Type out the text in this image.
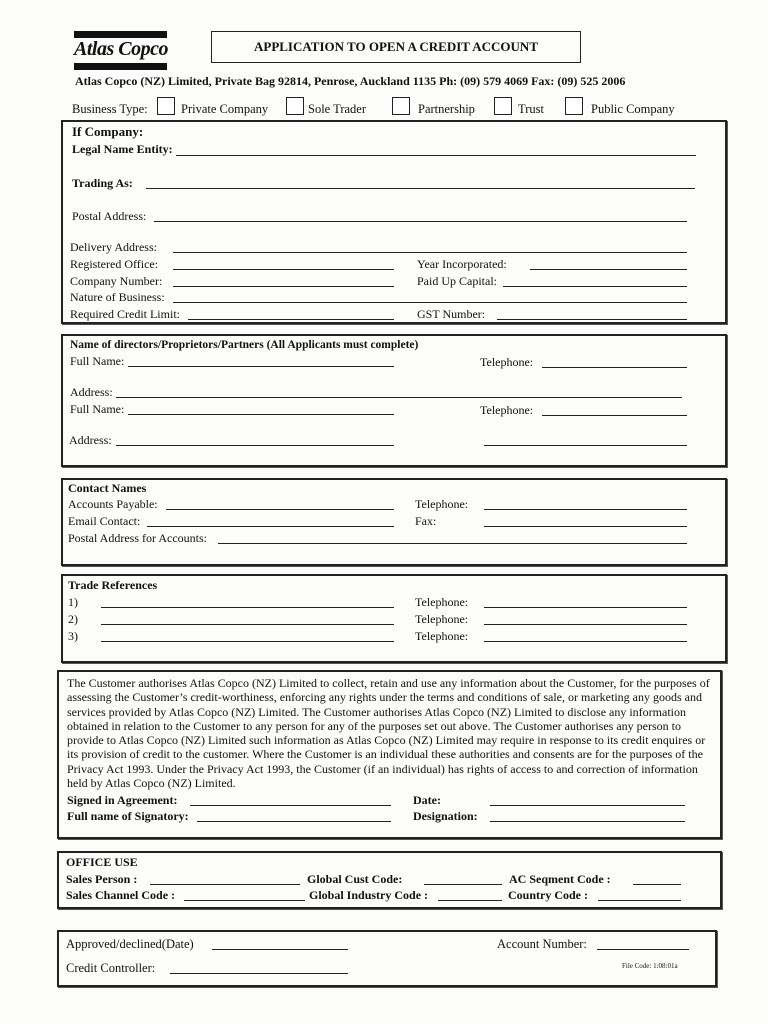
Atlas Copco	APPLICATION TO OPEN A CREDIT ACCOUNT
Atlas Copco (NZ) Limited, Private Bag 92814, Penrose, Auckland 1135 Ph: (09) 579 4069 Fax: (09) 525 2006
Business Type:	Private Company	Sole Trader	Partnership	Trust	Public Company
If Company:
Legal Name Entity:
Trading As:
Postal Address:
Delivery Address:
Registered Office:	Year Incorporated:
Company Number:	Paid Up Capital:
Nature of Business:
Required Credit Limit:	GST Number:
Name of directors/Proprietors/Partners (All Applicants must complete)
Full Name:	Telephone:
Address:
Full Name:	Telephone:
Address:
Contact Names
Accounts Payable:	Telephone:
Email Contact:	Fax:
Postal Address for Accounts:
Trade References
1)	Telephone:
2)	Telephone:
3)	Telephone:
The Customer authorises Atlas Copco (NZ) Limited to collect, retain and use any information about the Customer, for the purposes of assessing the Customer’s credit-worthiness, enforcing any rights under the terms and conditions of sale, or marketing any goods and services provided by Atlas Copco (NZ) Limited. The Customer authorises Atlas Copco (NZ) Limited to disclose any information obtained in relation to the Customer to any person for any of the purposes set out above. The Customer authorises any person to provide to Atlas Copco (NZ) Limited such information as Atlas Copco (NZ) Limited may require in response to its credit enquires or its provision of credit to the customer. Where the Customer is an individual these authorities and consents are for the purposes of the Privacy Act 1993. Under the Privacy Act 1993, the Customer (if an individual) has rights of access to and correction of information held by Atlas Copco (NZ) Limited.
Signed in Agreement:	Date:
Full name of Signatory:	Designation:
OFFICE USE
Sales Person :	Global Cust Code:	AC Seqment Code :
Sales Channel Code :	Global Industry Code :	Country Code :
Approved/declined(Date)	Account Number:
Credit Controller:	File Code: 1:08:01a
